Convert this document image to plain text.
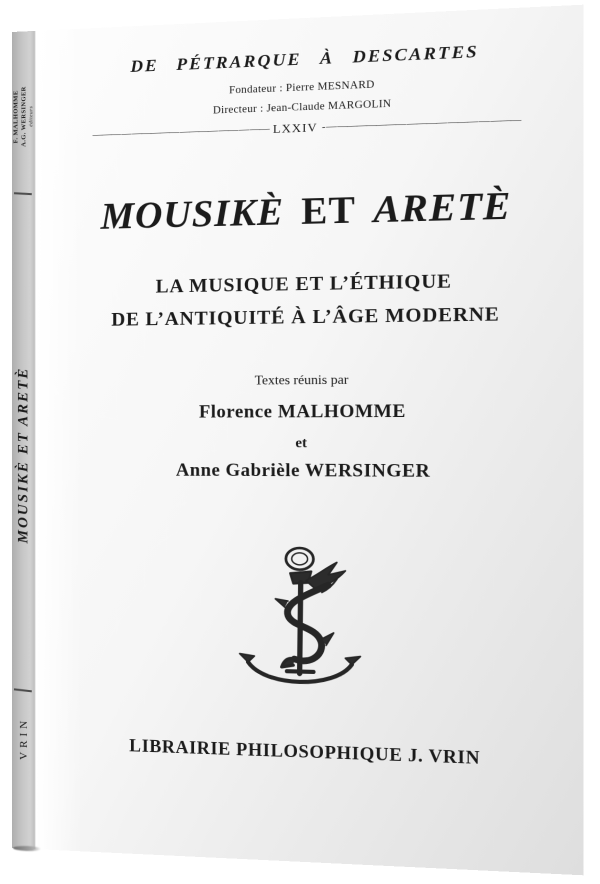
F. MALHOMME A.G. WERSINGER éditeurs
MOUSIKÈ ET ARETÈ
VRIN
DE PÉTRARQUE À DESCARTES
Fondateur : Pierre MESNARD
Directeur : Jean-Claude MARGOLIN
——— — ————— ———— —— — —— LXXIV - — ——————— ———— ——— — ———
MOUSIKÈ ET ARETÈ
LA MUSIQUE ET L’ÉTHIQUE
DE L’ANTIQUITÉ À L’ÂGE MODERNE
Textes réunis par
Florence MALHOMME
et
Anne Gabrièle WERSINGER
LIBRAIRIE PHILOSOPHIQUE J. VRIN
